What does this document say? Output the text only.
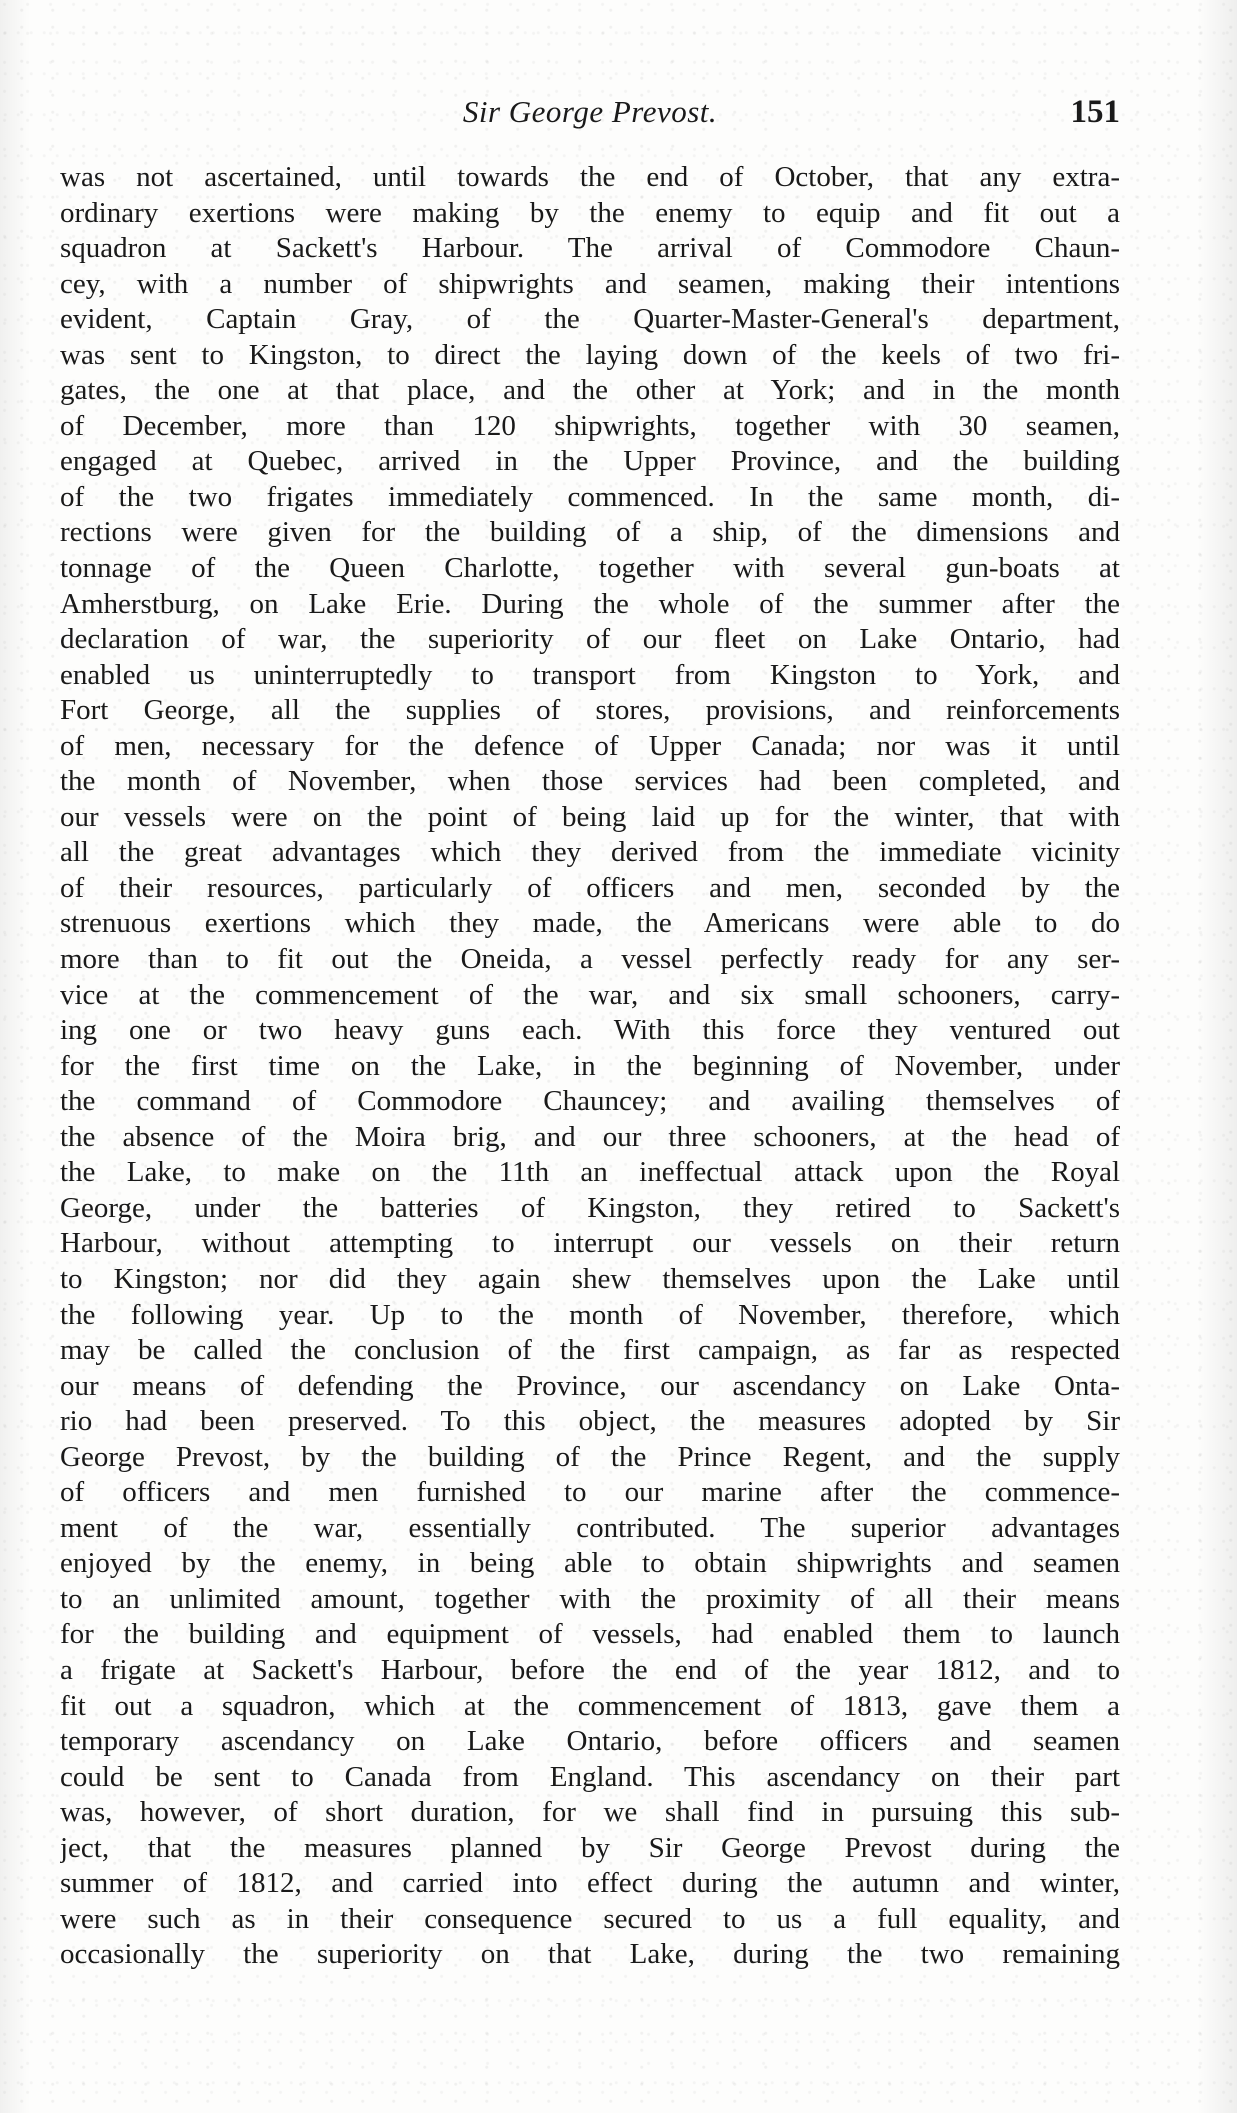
Sir George Prevost.	151
was not ascertained, until towards the end of October, that any extra-
ordinary exertions were making by the enemy to equip and fit out a
squadron at Sackett's Harbour. The arrival of Commodore Chaun-
cey, with a number of shipwrights and seamen, making their intentions
evident, Captain Gray, of the Quarter-Master-General's department,
was sent to Kingston, to direct the laying down of the keels of two fri-
gates, the one at that place, and the other at York; and in the month
of December, more than 120 shipwrights, together with 30 seamen,
engaged at Quebec, arrived in the Upper Province, and the building
of the two frigates immediately commenced. In the same month, di-
rections were given for the building of a ship, of the dimensions and
tonnage of the Queen Charlotte, together with several gun-boats at
Amherstburg, on Lake Erie. During the whole of the summer after the
declaration of war, the superiority of our fleet on Lake Ontario, had
enabled us uninterruptedly to transport from Kingston to York, and
Fort George, all the supplies of stores, provisions, and reinforcements
of men, necessary for the defence of Upper Canada; nor was it until
the month of November, when those services had been completed, and
our vessels were on the point of being laid up for the winter, that with
all the great advantages which they derived from the immediate vicinity
of their resources, particularly of officers and men, seconded by the
strenuous exertions which they made, the Americans were able to do
more than to fit out the Oneida, a vessel perfectly ready for any ser-
vice at the commencement of the war, and six small schooners, carry-
ing one or two heavy guns each. With this force they ventured out
for the first time on the Lake, in the beginning of November, under
the command of Commodore Chauncey; and availing themselves of
the absence of the Moira brig, and our three schooners, at the head of
the Lake, to make on the 11th an ineffectual attack upon the Royal
George, under the batteries of Kingston, they retired to Sackett's
Harbour, without attempting to interrupt our vessels on their return
to Kingston; nor did they again shew themselves upon the Lake until
the following year. Up to the month of November, therefore, which
may be called the conclusion of the first campaign, as far as respected
our means of defending the Province, our ascendancy on Lake Onta-
rio had been preserved. To this object, the measures adopted by Sir
George Prevost, by the building of the Prince Regent, and the supply
of officers and men furnished to our marine after the commence-
ment of the war, essentially contributed. The superior advantages
enjoyed by the enemy, in being able to obtain shipwrights and seamen
to an unlimited amount, together with the proximity of all their means
for the building and equipment of vessels, had enabled them to launch
a frigate at Sackett's Harbour, before the end of the year 1812, and to
fit out a squadron, which at the commencement of 1813, gave them a
temporary ascendancy on Lake Ontario, before officers and seamen
could be sent to Canada from England. This ascendancy on their part
was, however, of short duration, for we shall find in pursuing this sub-
ject, that the measures planned by Sir George Prevost during the
summer of 1812, and carried into effect during the autumn and winter,
were such as in their consequence secured to us a full equality, and
occasionally the superiority on that Lake, during the two remaining
